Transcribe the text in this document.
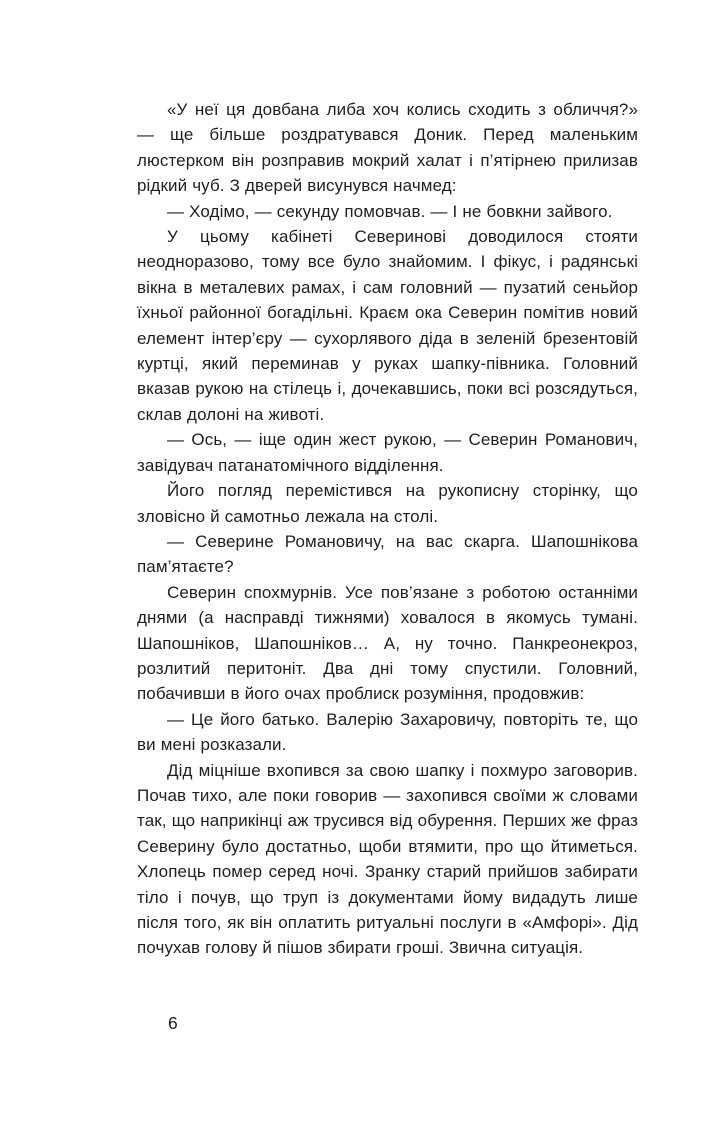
«У неї ця довбана либа хоч колись сходить з обличчя?» — ще більше роздратувався Доник. Перед маленьким люстерком він розправив мокрий халат і п’ятірнею прилизав рідкий чуб. З дверей висунувся начмед:

— Ходімо, — секунду помовчав. — І не бовкни зайвого.

У цьому кабінеті Северинові доводилося стояти неодноразово, тому все було знайомим. І фікус, і радянські вікна в металевих рамах, і сам головний — пузатий сеньйор їхньої районної богадільні. Краєм ока Северин помітив новий елемент інтер’єру — сухорлявого діда в зеленій брезентовій куртці, який переминав у руках шапку-півника. Головний вказав рукою на стілець і, дочекавшись, поки всі розсядуться, склав долоні на животі.

— Ось, — іще один жест рукою, — Северин Романович, завідувач патанатомічного відділення.

Його погляд перемістився на рукописну сторінку, що зловісно й самотньо лежала на столі.

— Северине Романовичу, на вас скарга. Шапошнікова пам’ятаєте?

Северин спохмурнів. Усе пов’язане з роботою останніми днями (а насправді тижнями) ховалося в якомусь тумані. Шапошніков, Шапошніков… А, ну точно. Панкреонекроз, розлитий перитоніт. Два дні тому спустили. Головний, побачивши в його очах проблиск розуміння, продовжив:

— Це його батько. Валерію Захаровичу, повторіть те, що ви мені розказали.

Дід міцніше вхопився за свою шапку і похмуро заговорив. Почав тихо, але поки говорив — захопився своїми ж словами так, що наприкінці аж трусився від обурення. Перших же фраз Северину було достатньо, щоби втямити, про що йтиметься. Хлопець помер серед ночі. Зранку старий прийшов забирати тіло і почув, що труп із документами йому видадуть лише після того, як він оплатить ритуальні послуги в «Амфорі». Дід почухав голову й пішов збирати гроші. Звична ситуація.

6
